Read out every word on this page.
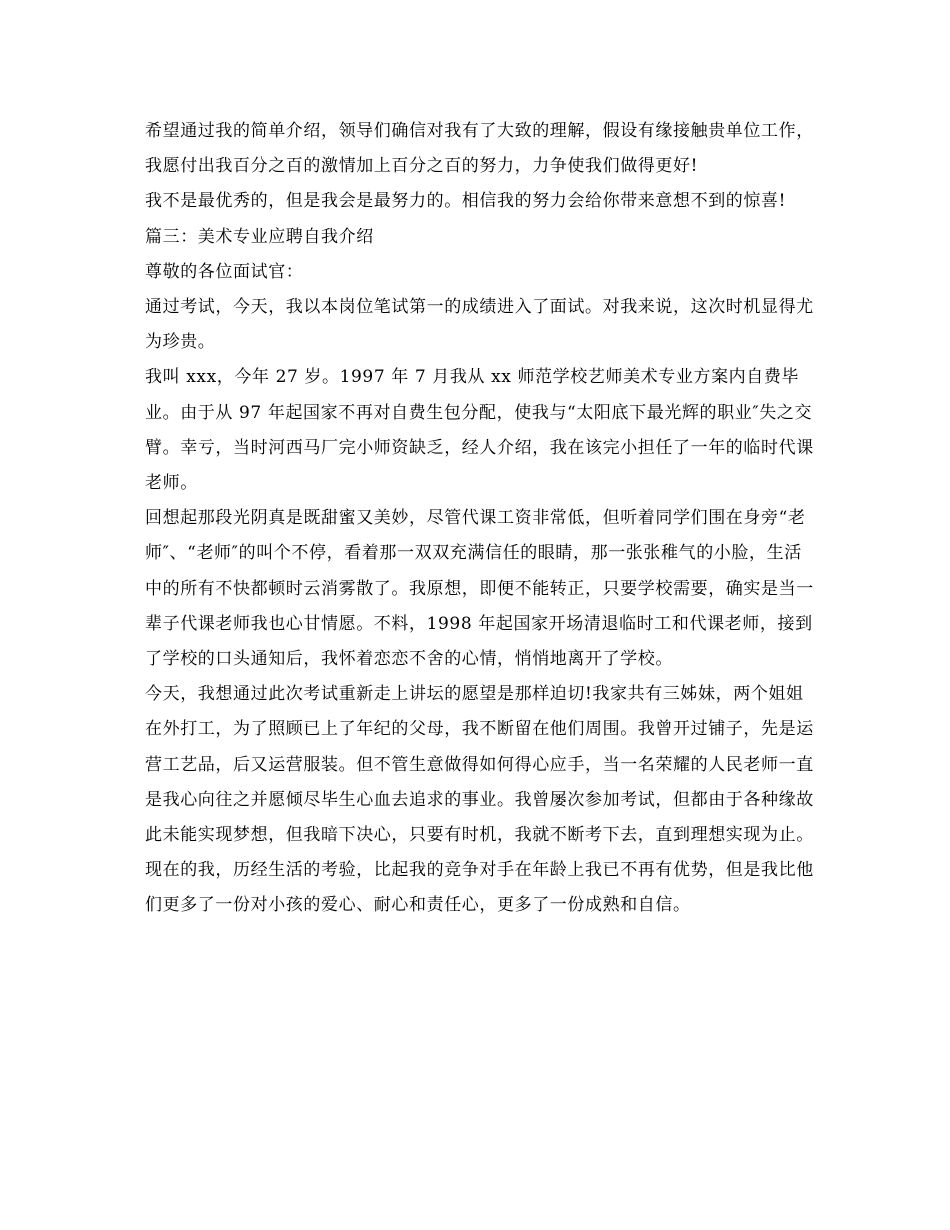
希望通过我的简单介绍，领导们确信对我有了大致的理解，假设有缘接触贵单位工作，我愿付出我百分之百的激情加上百分之百的努力，力争使我们做得更好!

我不是最优秀的，但是我会是最努力的。相信我的努力会给你带来意想不到的惊喜!

篇三：美术专业应聘自我介绍

尊敬的各位面试官：

通过考试，今天，我以本岗位笔试第一的成绩进入了面试。对我来说，这次时机显得尤为珍贵。

我叫 xxx，今年 27 岁。1997 年 7 月我从 xx 师范学校艺师美术专业方案内自费毕业。由于从 97 年起国家不再对自费生包分配，使我与“太阳底下最光辉的职业″失之交臂。幸亏，当时河西马厂完小师资缺乏，经人介绍，我在该完小担任了一年的临时代课老师。

回想起那段光阴真是既甜蜜又美妙，尽管代课工资非常低，但听着同学们围在身旁“老师″、“老师″的叫个不停，看着那一双双充满信任的眼睛，那一张张稚气的小脸，生活中的所有不快都顿时云消雾散了。我原想，即便不能转正，只要学校需要，确实是当一辈子代课老师我也心甘情愿。不料，1998 年起国家开场清退临时工和代课老师，接到了学校的口头通知后，我怀着恋恋不舍的心情，悄悄地离开了学校。

今天，我想通过此次考试重新走上讲坛的愿望是那样迫切!我家共有三姊妹，两个姐姐在外打工，为了照顾已上了年纪的父母，我不断留在他们周围。我曾开过铺子，先是运营工艺品，后又运营服装。但不管生意做得如何得心应手，当一名荣耀的人民老师一直是我心向往之并愿倾尽毕生心血去追求的事业。我曾屡次参加考试，但都由于各种缘故此未能实现梦想，但我暗下决心，只要有时机，我就不断考下去，直到理想实现为止。

现在的我，历经生活的考验，比起我的竞争对手在年龄上我已不再有优势，但是我比他们更多了一份对小孩的爱心、耐心和责任心，更多了一份成熟和自信。
